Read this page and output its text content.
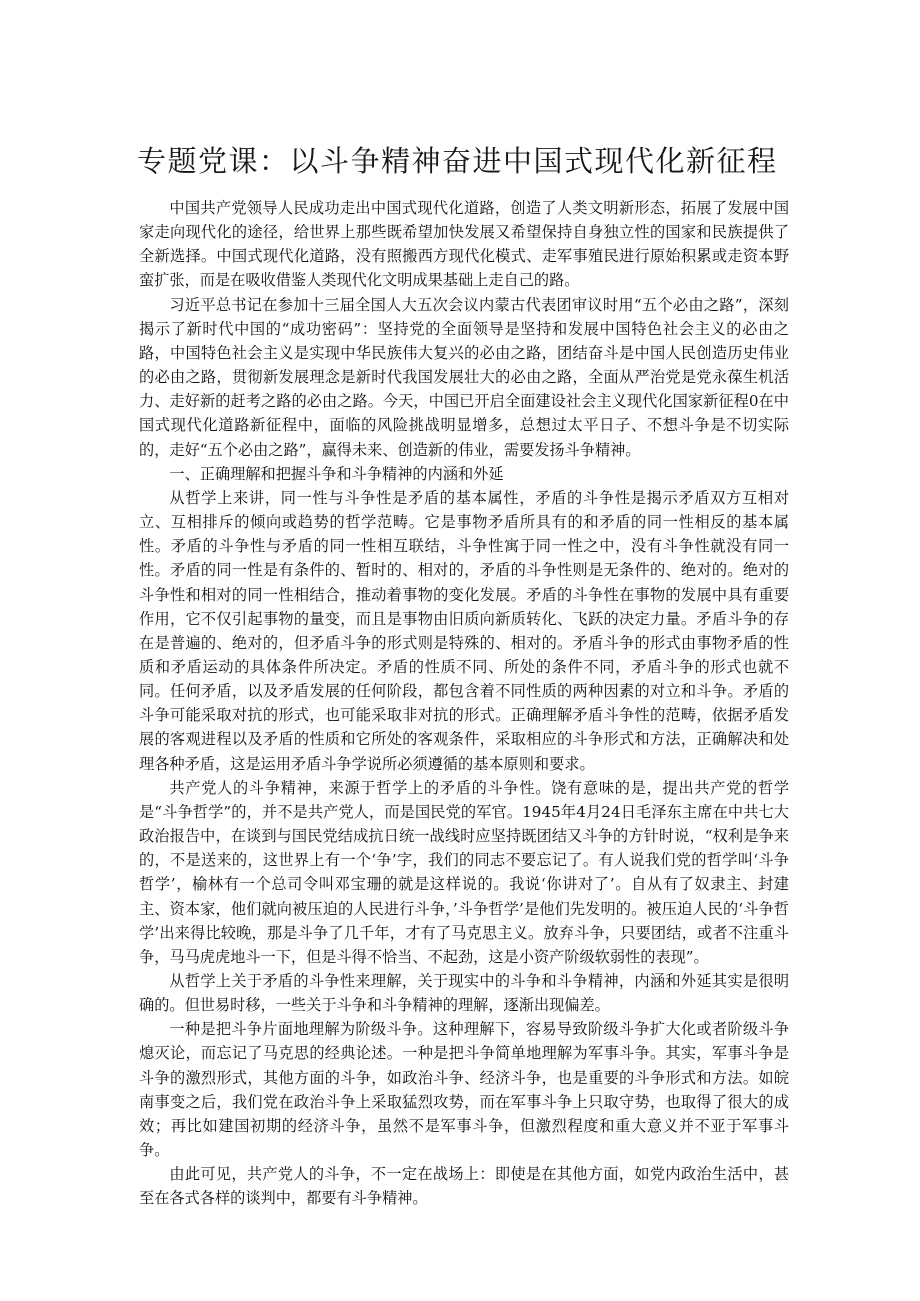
专题党课：以斗争精神奋进中国式现代化新征程

中国共产党领导人民成功走出中国式现代化道路，创造了人类文明新形态，拓展了发展中国家走向现代化的途径，给世界上那些既希望加快发展又希望保持自身独立性的国家和民族提供了全新选择。中国式现代化道路，没有照搬西方现代化模式、走军事殖民进行原始积累或走资本野蛮扩张，而是在吸收借鉴人类现代化文明成果基础上走自己的路。

习近平总书记在参加十三届全国人大五次会议内蒙古代表团审议时用“五个必由之路”，深刻揭示了新时代中国的“成功密码”：坚持党的全面领导是坚持和发展中国特色社会主义的必由之路，中国特色社会主义是实现中华民族伟大复兴的必由之路，团结奋斗是中国人民创造历史伟业的必由之路，贯彻新发展理念是新时代我国发展壮大的必由之路，全面从严治党是党永葆生机活力、走好新的赶考之路的必由之路。今天，中国已开启全面建设社会主义现代化国家新征程0在中国式现代化道路新征程中，面临的风险挑战明显增多，总想过太平日子、不想斗争是不切实际的，走好“五个必由之路”，赢得未来、创造新的伟业，需要发扬斗争精神。

一、正确理解和把握斗争和斗争精神的内涵和外延

从哲学上来讲，同一性与斗争性是矛盾的基本属性，矛盾的斗争性是揭示矛盾双方互相对立、互相排斥的倾向或趋势的哲学范畴。它是事物矛盾所具有的和矛盾的同一性相反的基本属性。矛盾的斗争性与矛盾的同一性相互联结，斗争性寓于同一性之中，没有斗争性就没有同一性。矛盾的同一性是有条件的、暂时的、相对的，矛盾的斗争性则是无条件的、绝对的。绝对的斗争性和相对的同一性相结合，推动着事物的变化发展。矛盾的斗争性在事物的发展中具有重要作用，它不仅引起事物的量变，而且是事物由旧质向新质转化、飞跃的决定力量。矛盾斗争的存在是普遍的、绝对的，但矛盾斗争的形式则是特殊的、相对的。矛盾斗争的形式由事物矛盾的性质和矛盾运动的具体条件所决定。矛盾的性质不同、所处的条件不同，矛盾斗争的形式也就不同。任何矛盾，以及矛盾发展的任何阶段，都包含着不同性质的两种因素的对立和斗争。矛盾的斗争可能采取对抗的形式，也可能采取非对抗的形式。正确理解矛盾斗争性的范畴，依据矛盾发展的客观进程以及矛盾的性质和它所处的客观条件，采取相应的斗争形式和方法，正确解决和处理各种矛盾，这是运用矛盾斗争学说所必须遵循的基本原则和要求。

共产党人的斗争精神，来源于哲学上的矛盾的斗争性。饶有意味的是，提出共产党的哲学是“斗争哲学”的，并不是共产党人，而是国民党的军官。1945年4月24日毛泽东主席在中共七大政治报告中，在谈到与国民党结成抗日统一战线时应坚持既团结又斗争的方针时说，“权利是争来的，不是送来的，这世界上有一个‘争’字，我们的同志不要忘记了。有人说我们党的哲学叫‘斗争哲学’，榆林有一个总司令叫邓宝珊的就是这样说的。我说‘你讲对了’。自从有了奴隶主、封建主、资本家，他们就向被压迫的人民进行斗争，’斗争哲学’是他们先发明的。被压迫人民的‘斗争哲学’出来得比较晚，那是斗争了几千年，才有了马克思主义。放弃斗争，只要团结，或者不注重斗争，马马虎虎地斗一下，但是斗得不恰当、不起劲，这是小资产阶级软弱性的表现”。

从哲学上关于矛盾的斗争性来理解，关于现实中的斗争和斗争精神，内涵和外延其实是很明确的。但世易时移，一些关于斗争和斗争精神的理解，逐渐出现偏差。

一种是把斗争片面地理解为阶级斗争。这种理解下，容易导致阶级斗争扩大化或者阶级斗争熄灭论，而忘记了马克思的经典论述。一种是把斗争简单地理解为军事斗争。其实，军事斗争是斗争的激烈形式，其他方面的斗争，如政治斗争、经济斗争，也是重要的斗争形式和方法。如皖南事变之后，我们党在政治斗争上采取猛烈攻势，而在军事斗争上只取守势，也取得了很大的成效；再比如建国初期的经济斗争，虽然不是军事斗争，但激烈程度和重大意义并不亚于军事斗争。

由此可见，共产党人的斗争，不一定在战场上：即使是在其他方面，如党内政治生活中，甚至在各式各样的谈判中，都要有斗争精神。
